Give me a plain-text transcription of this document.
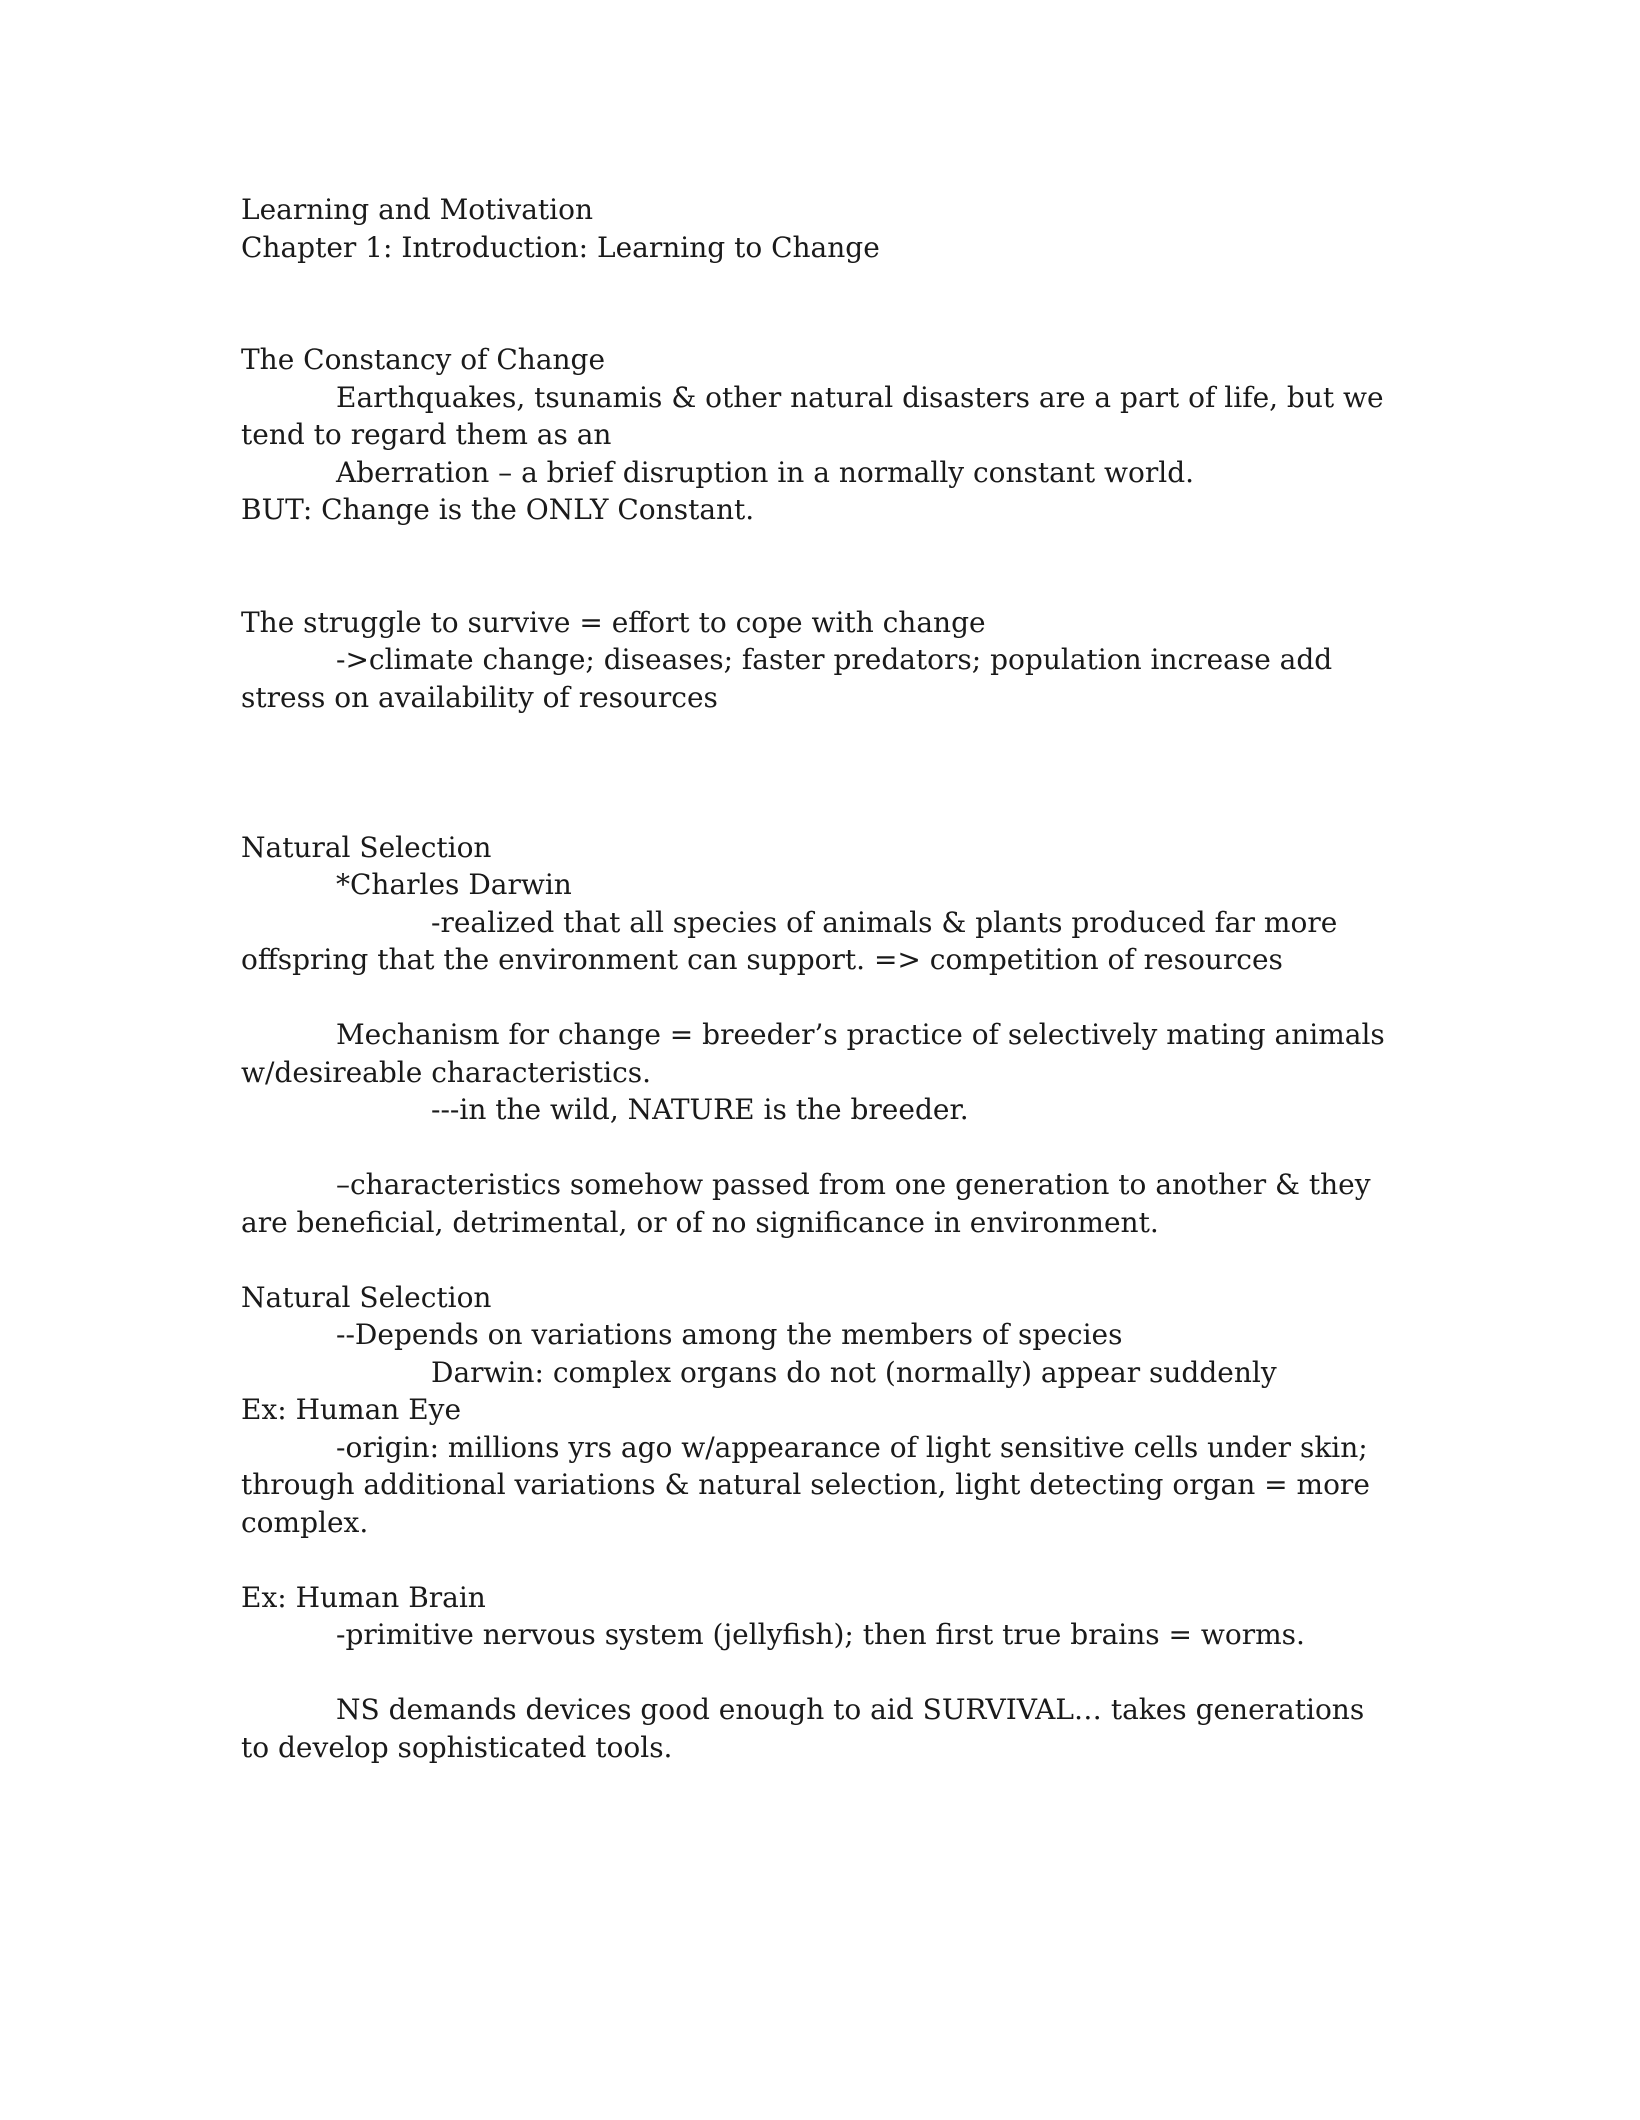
Learning and Motivation

Chapter 1: Introduction: Learning to Change

The Constancy of Change

Earthquakes, tsunamis & other natural disasters are a part of life, but we tend to regard them as an

Aberration – a brief disruption in a normally constant world.

BUT: Change is the ONLY Constant.

The struggle to survive = effort to cope with change

->climate change; diseases; faster predators; population increase add stress on availability of resources

Natural Selection

*Charles Darwin

-realized that all species of animals & plants produced far more offspring that the environment can support. => competition of resources

Mechanism for change = breeder’s practice of selectively mating animals w/desireable characteristics.

---in the wild, NATURE is the breeder.

–characteristics somehow passed from one generation to another & they are beneficial, detrimental, or of no significance in environment.

Natural Selection

--Depends on variations among the members of species

Darwin: complex organs do not (normally) appear suddenly

Ex: Human Eye

-origin: millions yrs ago w/appearance of light sensitive cells under skin; through additional variations & natural selection, light detecting organ = more complex.

Ex: Human Brain

-primitive nervous system (jellyfish); then first true brains = worms.

NS demands devices good enough to aid SURVIVAL… takes generations to develop sophisticated tools.
